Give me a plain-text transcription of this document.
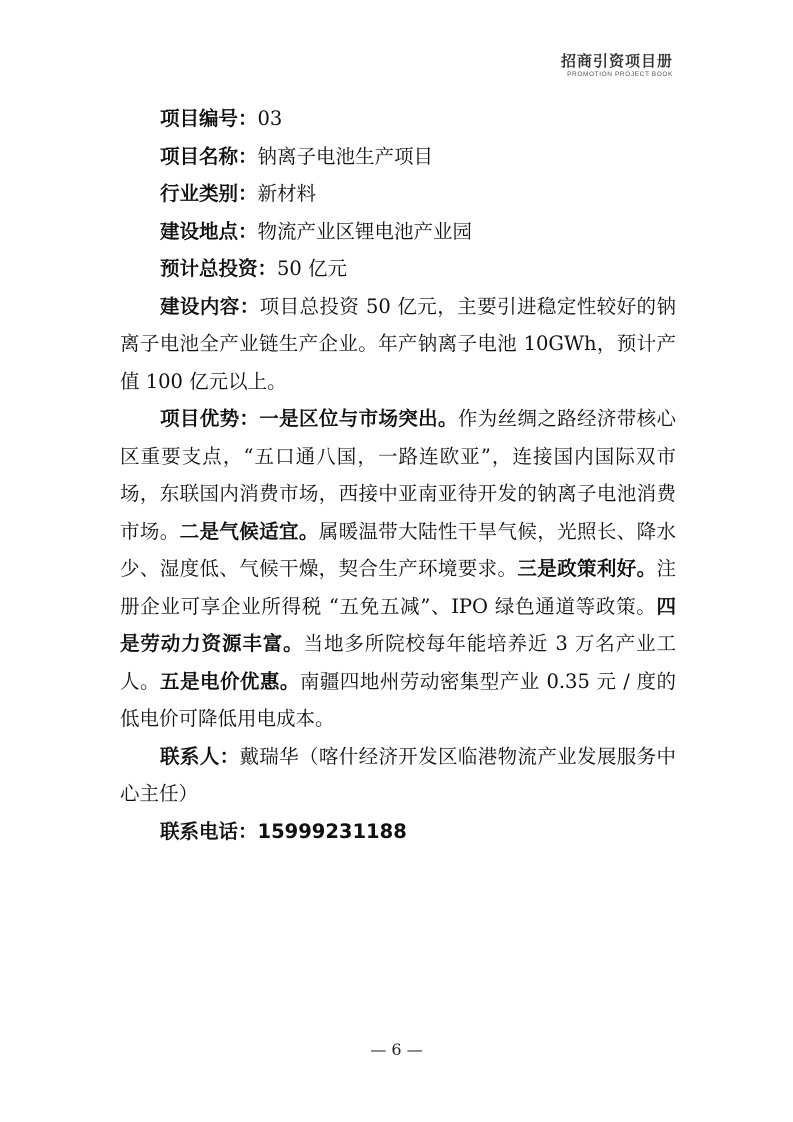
招商引资项目册
PROMOTION PROJECT BOOK

项目编号：03

项目名称：钠离子电池生产项目

行业类别：新材料

建设地点：物流产业区锂电池产业园

预计总投资：50 亿元

建设内容：项目总投资 50 亿元，主要引进稳定性较好的钠离子电池全产业链生产企业。年产钠离子电池 10GWh，预计产值 100 亿元以上。

项目优势：一是区位与市场突出。作为丝绸之路经济带核心区重要支点，“五口通八国，一路连欧亚”，连接国内国际双市场，东联国内消费市场，西接中亚南亚待开发的钠离子电池消费市场。二是气候适宜。属暖温带大陆性干旱气候，光照长、降水少、湿度低、气候干燥，契合生产环境要求。三是政策利好。注册企业可享企业所得税 “五免五减”、IPO 绿色通道等政策。四是劳动力资源丰富。当地多所院校每年能培养近 3 万名产业工人。五是电价优惠。南疆四地州劳动密集型产业 0.35 元 / 度的低电价可降低用电成本。

联系人：戴瑞华（喀什经济开发区临港物流产业发展服务中心主任）

联系电话：15999231188

— 6 —
